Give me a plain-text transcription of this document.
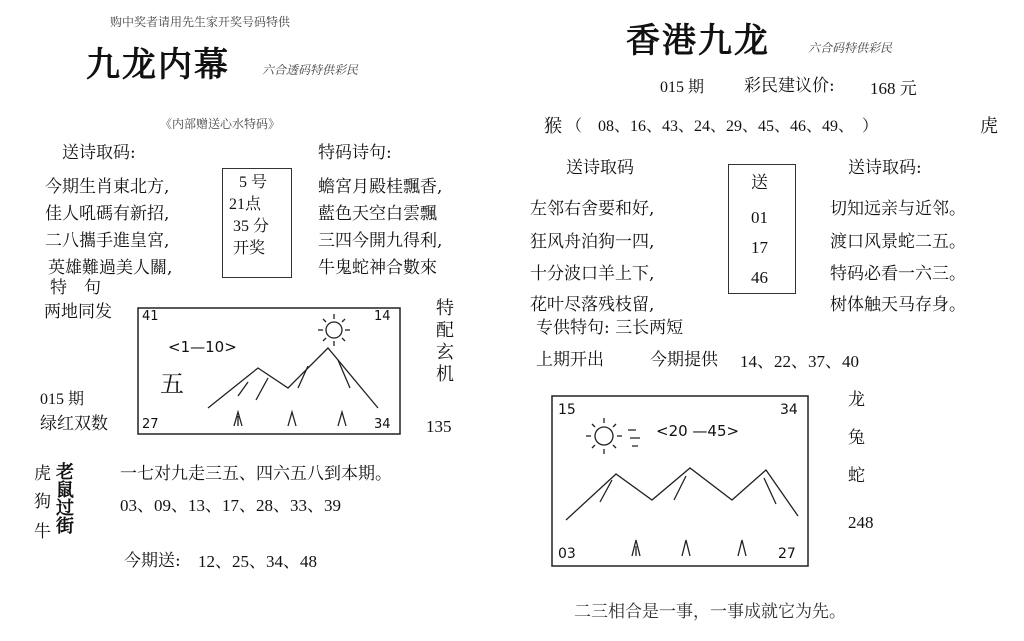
购中奖者请用先生家开奖号码特供
九龙内幕	六合透码特供彩民
《内部赠送心水特码》
送诗取码:
今期生肖東北方,
佳人吼碼有新招,
二八攜手進皇宮,
英雄難過美人關,
5 号
21点
35 分
开奖
特码诗句:
蟾宮月殿桂飄香,
藍色天空白雲飄
三四今開九得利,
牛鬼蛇神合數來
特　句
两地同发 41	14
27	34
<1—10>
五	特配玄机
015 期
绿红双数	135
虎
狗
牛 老鼠过街	一七对九走三五、四六五八到本期。
03、09、13、17、28、33、39
今期送: 12、25、34、48
香港九龙	六合码特供彩民
015 期 彩民建议价: 168 元
猴 （　08、16、43、24、29、45、46、49、　）	虎
送诗取码
左邻右舍要和好,
狂风舟泊狗一四,
十分波口羊上下,
花叶尽落残枝留,
送
01
17
46
送诗取码:
切知远亲与近邻。
渡口风景蛇二五。
特码必看一六三。
树体触天马存身。
专供特句: 三长两短
上期开出	今期提供 14、22、37、40
15	34
03	27
<20 —45>
龙
兔
蛇
248
二三相合是一事，一事成就它为先。
